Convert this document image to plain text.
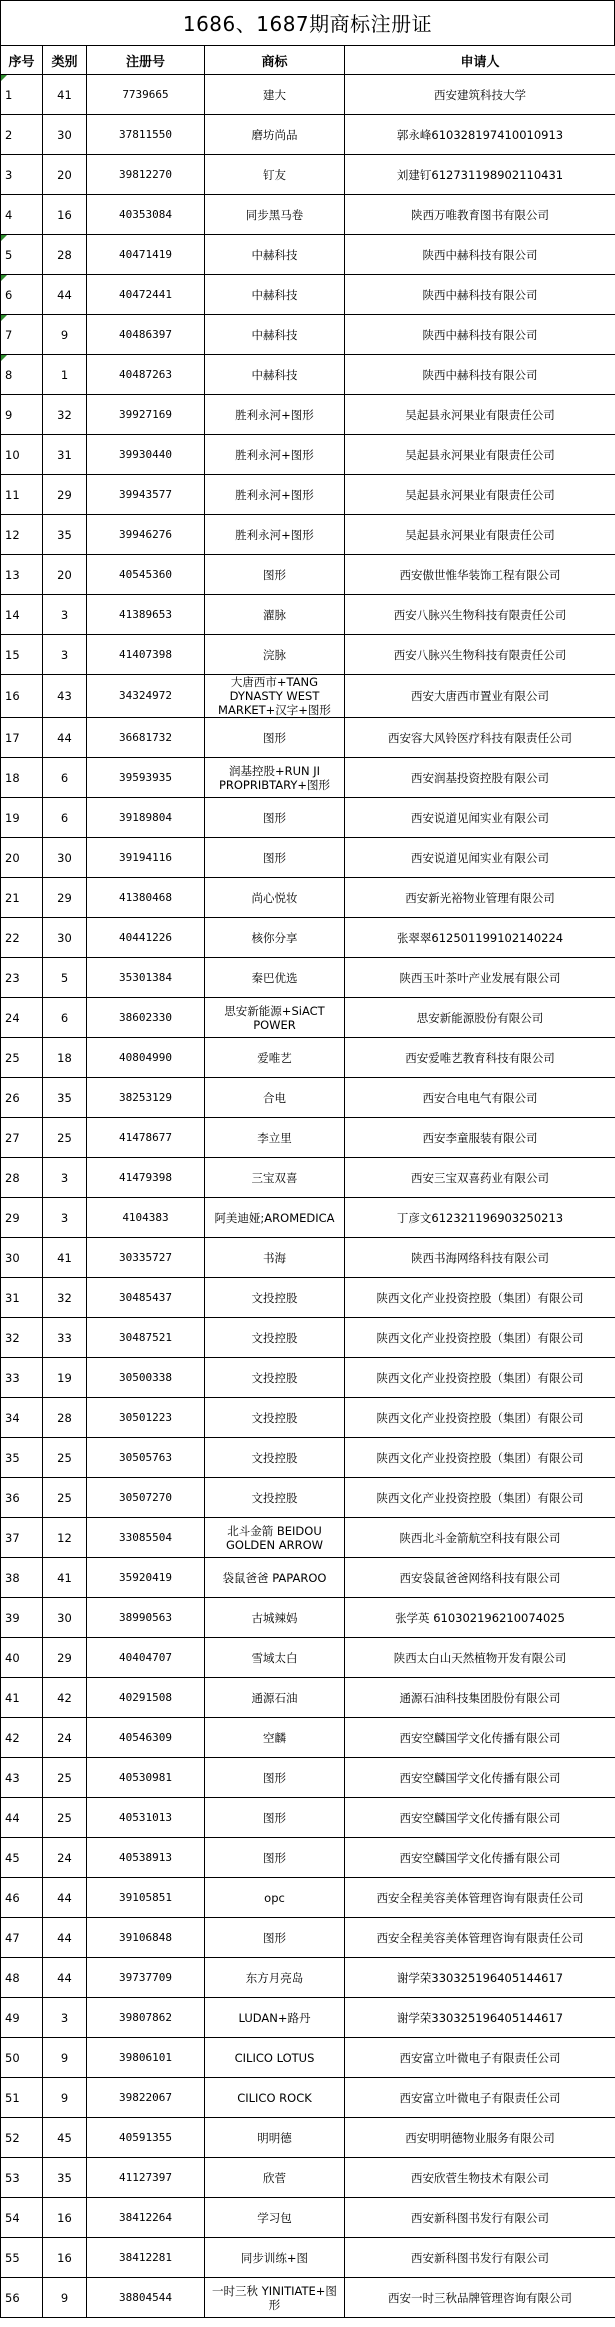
1686、1687期商标注册证
序号	类别	注册号	商标	申请人
1	41	7739665	建大	西安建筑科技大学
2	30	37811550	磨坊尚品	郭永峰610328197410010913
3	20	39812270	钉友	刘建钉612731198902110431
4	16	40353084	同步黑马卷	陕西万唯教育图书有限公司
5	28	40471419	中赫科技	陕西中赫科技有限公司
6	44	40472441	中赫科技	陕西中赫科技有限公司
7	9	40486397	中赫科技	陕西中赫科技有限公司
8	1	40487263	中赫科技	陕西中赫科技有限公司
9	32	39927169	胜利永河+图形	吴起县永河果业有限责任公司
10	31	39930440	胜利永河+图形	吴起县永河果业有限责任公司
11	29	39943577	胜利永河+图形	吴起县永河果业有限责任公司
12	35	39946276	胜利永河+图形	吴起县永河果业有限责任公司
13	20	40545360	图形	西安傲世惟华装饰工程有限公司
14	3	41389653	濯脉	西安八脉兴生物科技有限责任公司
15	3	41407398	浣脉	西安八脉兴生物科技有限责任公司
16	43	34324972	大唐西市+TANG DYNASTY WEST MARKET+汉字+图形	西安大唐西市置业有限公司
17	44	36681732	图形	西安容大风铃医疗科技有限责任公司
18	6	39593935	润基控股+RUN JI PROPRIBTARY+图形	西安润基投资控股有限公司
19	6	39189804	图形	西安说道见闻实业有限公司
20	30	39194116	图形	西安说道见闻实业有限公司
21	29	41380468	尚心悦妆	西安新光裕物业管理有限公司
22	30	40441226	核你分享	张翠翠612501199102140224
23	5	35301384	秦巴优选	陕西玉叶茶叶产业发展有限公司
24	6	38602330	思安新能源+SiACT POWER	思安新能源股份有限公司
25	18	40804990	爱唯艺	西安爱唯艺教育科技有限公司
26	35	38253129	合电	西安合电电气有限公司
27	25	41478677	李立里	西安李童服装有限公司
28	3	41479398	三宝双喜	西安三宝双喜药业有限公司
29	3	4104383	阿美迪娅;AROMEDICA	丁彦文612321196903250213
30	41	30335727	书海	陕西书海网络科技有限公司
31	32	30485437	文投控股	陕西文化产业投资控股（集团）有限公司
32	33	30487521	文投控股	陕西文化产业投资控股（集团）有限公司
33	19	30500338	文投控股	陕西文化产业投资控股（集团）有限公司
34	28	30501223	文投控股	陕西文化产业投资控股（集团）有限公司
35	25	30505763	文投控股	陕西文化产业投资控股（集团）有限公司
36	25	30507270	文投控股	陕西文化产业投资控股（集团）有限公司
37	12	33085504	北斗金箭 BEIDOU GOLDEN ARROW	陕西北斗金箭航空科技有限公司
38	41	35920419	袋鼠爸爸 PAPAROO	西安袋鼠爸爸网络科技有限公司
39	30	38990563	古城辣妈	张学英 610302196210074025
40	29	40404707	雪域太白	陕西太白山天然植物开发有限公司
41	42	40291508	通源石油	通源石油科技集团股份有限公司
42	24	40546309	空麟	西安空麟国学文化传播有限公司
43	25	40530981	图形	西安空麟国学文化传播有限公司
44	25	40531013	图形	西安空麟国学文化传播有限公司
45	24	40538913	图形	西安空麟国学文化传播有限公司
46	44	39105851	opc	西安全程美容美体管理咨询有限责任公司
47	44	39106848	图形	西安全程美容美体管理咨询有限责任公司
48	44	39737709	东方月亮岛	谢学荣330325196405144617
49	3	39807862	LUDAN+路丹	谢学荣330325196405144617
50	9	39806101	CILICO LOTUS	西安富立叶微电子有限责任公司
51	9	39822067	CILICO ROCK	西安富立叶微电子有限责任公司
52	45	40591355	明明德	西安明明德物业服务有限公司
53	35	41127397	欣菅	西安欣菅生物技术有限公司
54	16	38412264	学习包	西安新科图书发行有限公司
55	16	38412281	同步训练+图	西安新科图书发行有限公司
56	9	38804544	一时三秋 YINITIATE+图形	西安一时三秋品牌管理咨询有限公司
